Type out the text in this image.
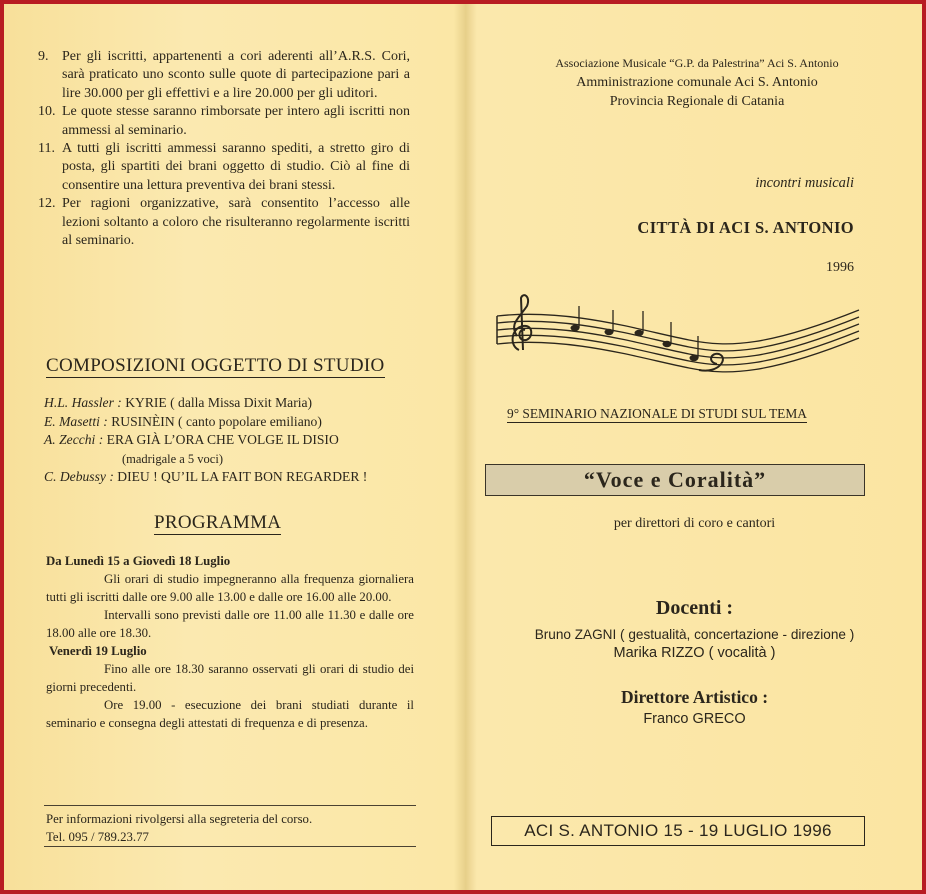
9. Per gli iscritti, appartenenti a cori aderenti all’A.R.S. Cori, sarà praticato uno sconto sulle quote di partecipazione pari a lire 30.000 per gli effettivi e a lire 20.000 per gli uditori.
10. Le quote stesse saranno rimborsate per intero agli iscritti non ammessi al seminario.
11. A tutti gli iscritti ammessi saranno spediti, a stretto giro di posta, gli spartiti dei brani oggetto di studio. Ciò al fine di consentire una lettura preventiva dei brani stessi.
12. Per ragioni organizzative, sarà consentito l’accesso alle lezioni soltanto a coloro che risulteranno regolarmente iscritti al seminario.
COMPOSIZIONI OGGETTO DI STUDIO
H.L. Hassler : KYRIE ( dalla Missa Dixit Maria)
E. Masetti : RUSINÈIN ( canto popolare emiliano)
A. Zecchi : ERA GIÀ L’ORA CHE VOLGE IL DISIO
(madrigale a 5 voci)
C. Debussy : DIEU ! QU’IL LA FAIT BON REGARDER !
PROGRAMMA

Da Lunedì 15 a Giovedì 18 Luglio

Gli orari di studio impegneranno alla frequenza giornaliera tutti gli iscritti dalle ore 9.00 alle 13.00 e dalle ore 16.00 alle 20.00.

Intervalli sono previsti dalle ore 11.00 alle 11.30 e dalle ore 18.00 alle ore 18.30.

Venerdì 19 Luglio

Fino alle ore 18.30 saranno osservati gli orari di studio dei giorni precedenti.

Ore 19.00 - esecuzione dei brani studiati durante il seminario e consegna degli attestati di frequenza e di presenza.

Per informazioni rivolgersi alla segreteria del corso.
Tel. 095 / 789.23.77
Associazione Musicale “G.P. da Palestrina” Aci S. Antonio
Amministrazione comunale Aci S. Antonio
Provincia Regionale di Catania
incontri musicali
CITTÀ DI ACI S. ANTONIO
1996
9° SEMINARIO NAZIONALE DI STUDI SUL TEMA
“Voce e Coralità”
per direttori di coro e cantori
Docenti :
Bruno ZAGNI ( gestualità, concertazione - direzione )
Marika RIZZO ( vocalità )
Direttore Artistico :
Franco GRECO
ACI S. ANTONIO 15 - 19 LUGLIO 1996
